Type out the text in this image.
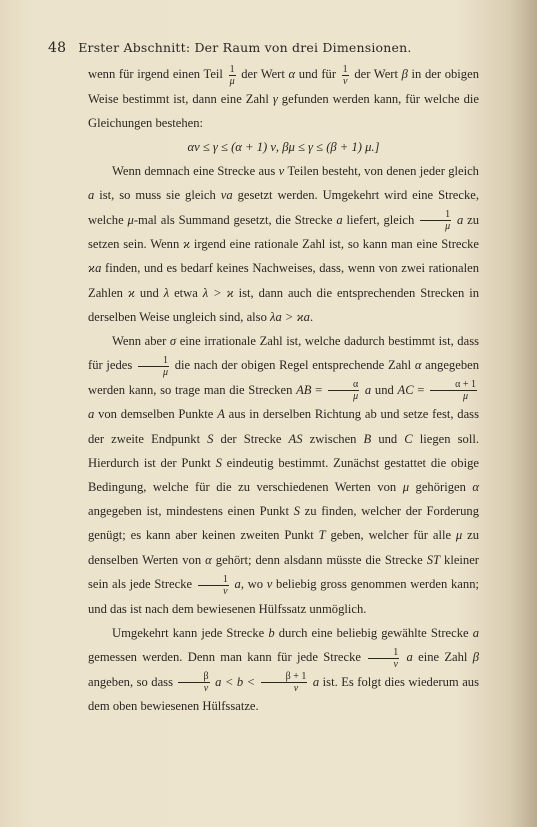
48 Erster Abschnitt: Der Raum von drei Dimensionen.

wenn für irgend einen Teil $\frac{1}{\mu}$ der Wert α und für $\frac{1}{\nu}$ der Wert β in der obigen Weise bestimmt ist, dann eine Zahl γ gefunden werden kann, für welche die Gleichungen bestehen:

αν ≤ γ ≤ (α + 1) ν, βμ ≤ γ ≤ (β + 1) μ.]

Wenn demnach eine Strecke aus ν Teilen besteht, von denen jeder gleich a ist, so muss sie gleich νa gesetzt werden. Umgekehrt wird eine Strecke, welche μ-mal als Summand gesetzt, die Strecke a liefert, gleich $\frac{1}{\mu}$ a zu setzen sein. Wenn ϰ irgend eine rationale Zahl ist, so kann man eine Strecke ϰa finden, und es bedarf keines Nachweises, dass, wenn von zwei rationalen Zahlen ϰ und λ etwa λ > ϰ ist, dann auch die entsprechenden Strecken in derselben Weise ungleich sind, also λa > ϰa.

Wenn aber σ eine irrationale Zahl ist, welche dadurch bestimmt ist, dass für jedes $\frac{1}{\mu}$ die nach der obigen Regel entsprechende Zahl α angegeben werden kann, so trage man die Strecken AB = $\frac{\alpha}{\mu}$ a und AC = $\frac{\alpha + 1}{\mu}$
a von demselben Punkte A aus in derselben Richtung ab und setze fest, dass der zweite Endpunkt S der Strecke AS zwischen B und C liegen soll. Hierdurch ist der Punkt S eindeutig bestimmt. Zunächst gestattet die obige Bedingung, welche für die zu verschiedenen Werten von μ gehörigen α angegeben ist, mindestens einen Punkt S zu finden, welcher der Forderung genügt; es kann aber keinen zweiten Punkt T geben, welcher für alle μ zu denselben Werten von α gehört; denn alsdann müsste die Strecke ST kleiner sein als jede Strecke $\frac{1}{\nu} a$, wo ν beliebig gross genommen werden kann; und das ist nach dem bewiesenen Hülfssatz unmöglich.

Umgekehrt kann jede Strecke b durch eine beliebig gewählte Strecke a gemessen werden. Denn man kann für jede Strecke $\frac{1}{\nu}$ a eine Zahl β angeben, so dass $\frac{\beta}{\nu}$ $a < b < \frac{\beta + 1}{\nu}$ a ist. Es folgt dies wiederum aus dem oben bewiesenen Hülfssatze.
